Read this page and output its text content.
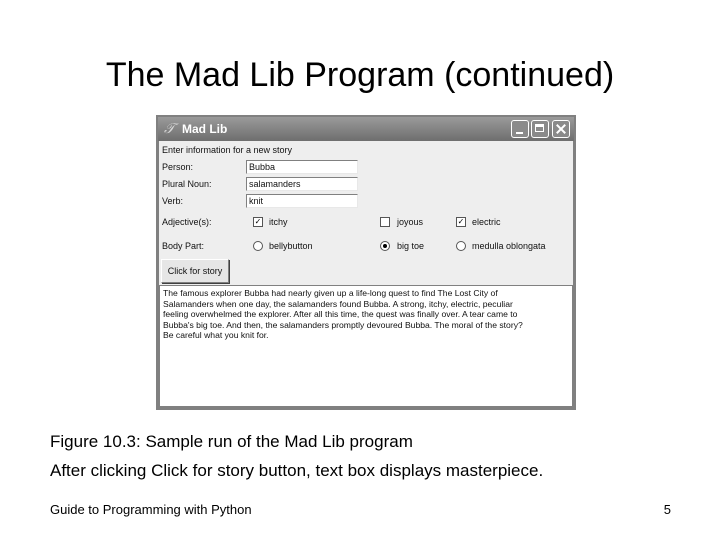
The Mad Lib Program (continued)
𝒯 Mad Lib
Enter information for a new story
Person:	Bubba
Plural Noun:	salamanders
Verb:	knit
Adjective(s):	✓ itchy	joyous	✓ electric
Body Part:	bellybutton	big toe	medulla oblongata
Click for story
The famous explorer Bubba had nearly given up a life-long quest to find The Lost City of
Salamanders when one day, the salamanders found Bubba. A strong, itchy, electric, peculiar
feeling overwhelmed the explorer. After all this time, the quest was finally over. A tear came to
Bubba's big toe. And then, the salamanders promptly devoured Bubba. The moral of the story?
Be careful what you knit for.
Figure 10.3: Sample run of the Mad Lib program
After clicking Click for story button, text box displays masterpiece.
Guide to Programming with Python	5
